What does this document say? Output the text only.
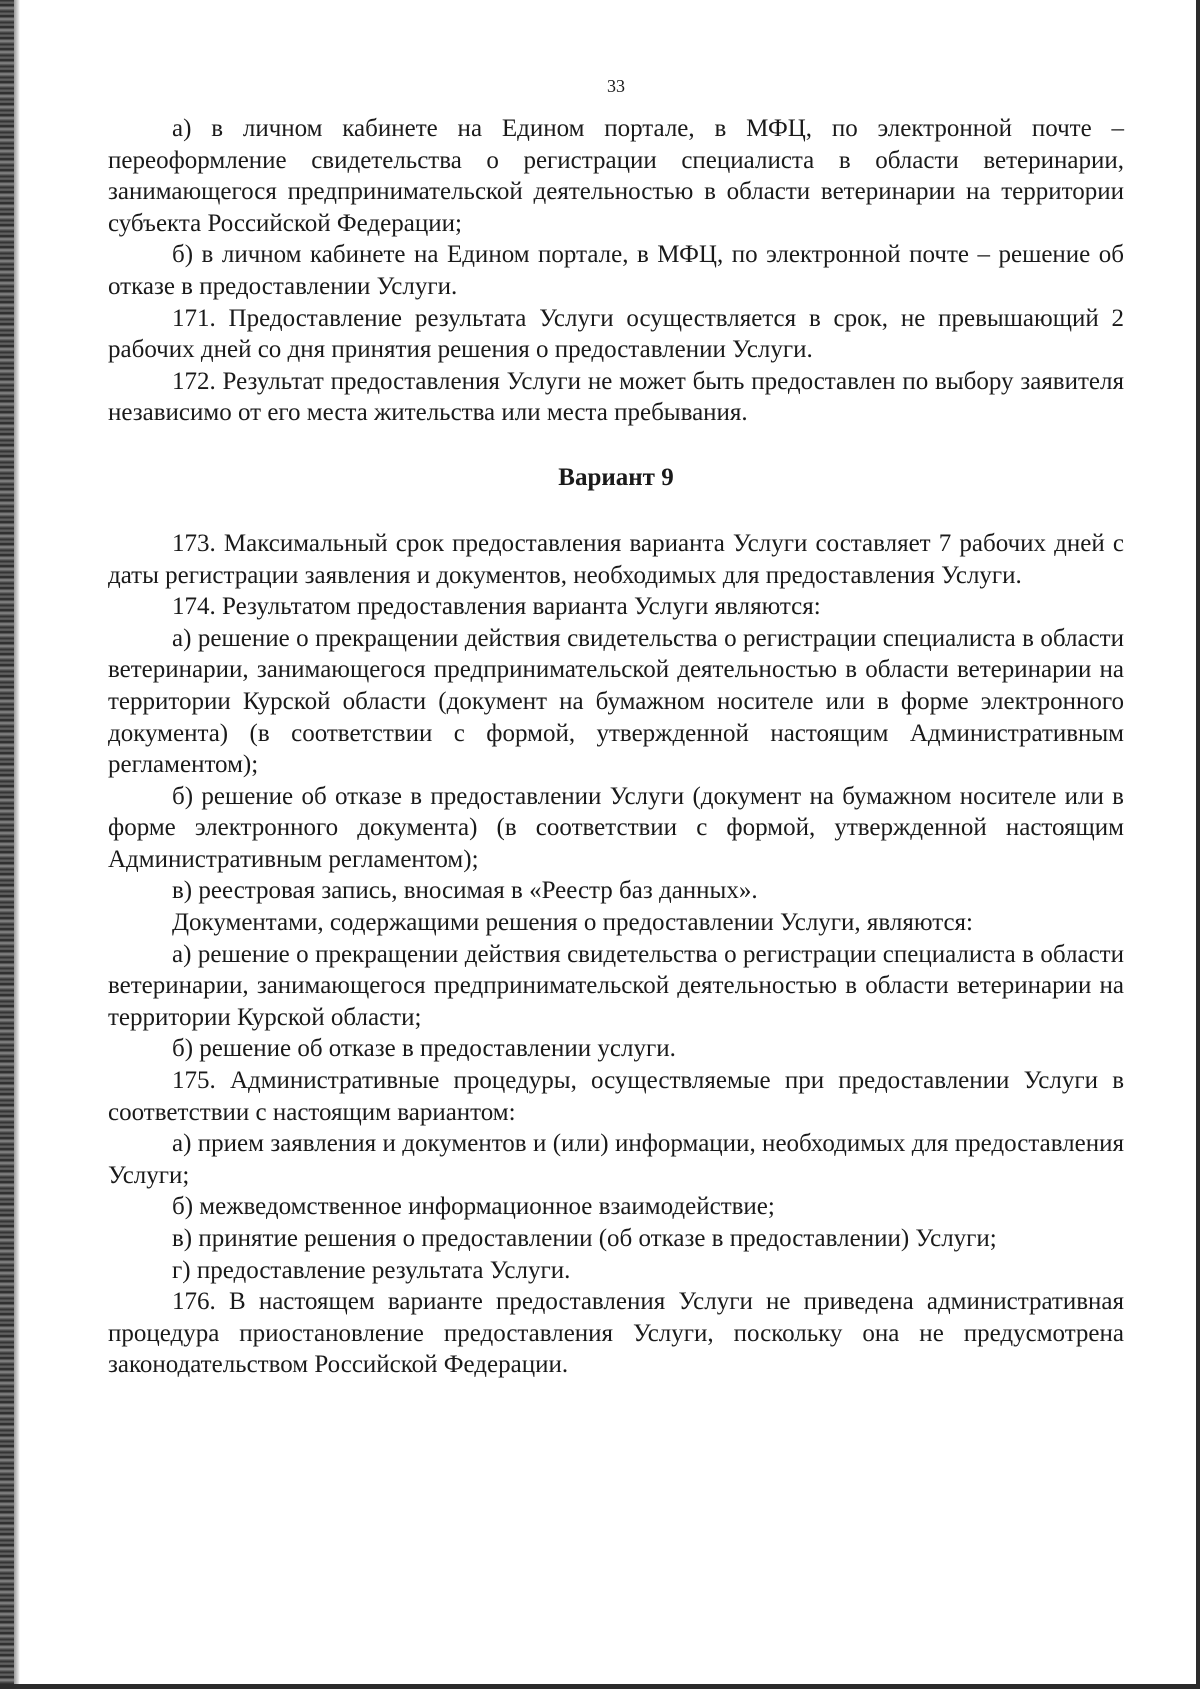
33

а) в личном кабинете на Едином портале, в МФЦ, по электронной почте – переоформление свидетельства о регистрации специалиста в области ветеринарии, занимающегося предпринимательской деятельностью в области ветеринарии на территории субъекта Российской Федерации;

б) в личном кабинете на Едином портале, в МФЦ, по электронной почте – решение об отказе в предоставлении Услуги.

171. Предоставление результата Услуги осуществляется в срок, не превышающий 2 рабочих дней со дня принятия решения о предоставлении Услуги.

172. Результат предоставления Услуги не может быть предоставлен по выбору заявителя независимо от его места жительства или места пребывания.

Вариант 9

173. Максимальный срок предоставления варианта Услуги составляет 7 рабочих дней с даты регистрации заявления и документов, необходимых для предоставления Услуги.

174. Результатом предоставления варианта Услуги являются:

а) решение о прекращении действия свидетельства о регистрации специалиста в области ветеринарии, занимающегося предпринимательской деятельностью в области ветеринарии на территории Курской области (документ на бумажном носителе или в форме электронного документа) (в соответствии с формой, утвержденной настоящим Административным регламентом);

б) решение об отказе в предоставлении Услуги (документ на бумажном носителе или в форме электронного документа) (в соответствии с формой, утвержденной настоящим Административным регламентом);

в) реестровая запись, вносимая в «Реестр баз данных».

Документами, содержащими решения о предоставлении Услуги, являются:

а) решение о прекращении действия свидетельства о регистрации специалиста в области ветеринарии, занимающегося предпринимательской деятельностью в области ветеринарии на территории Курской области;

б) решение об отказе в предоставлении услуги.

175. Административные процедуры, осуществляемые при предоставлении Услуги в соответствии с настоящим вариантом:

а) прием заявления и документов и (или) информации, необходимых для предоставления Услуги;

б) межведомственное информационное взаимодействие;

в) принятие решения о предоставлении (об отказе в предоставлении) Услуги;

г) предоставление результата Услуги.

176. В настоящем варианте предоставления Услуги не приведена административная процедура приостановление предоставления Услуги, поскольку она не предусмотрена законодательством Российской Федерации.
